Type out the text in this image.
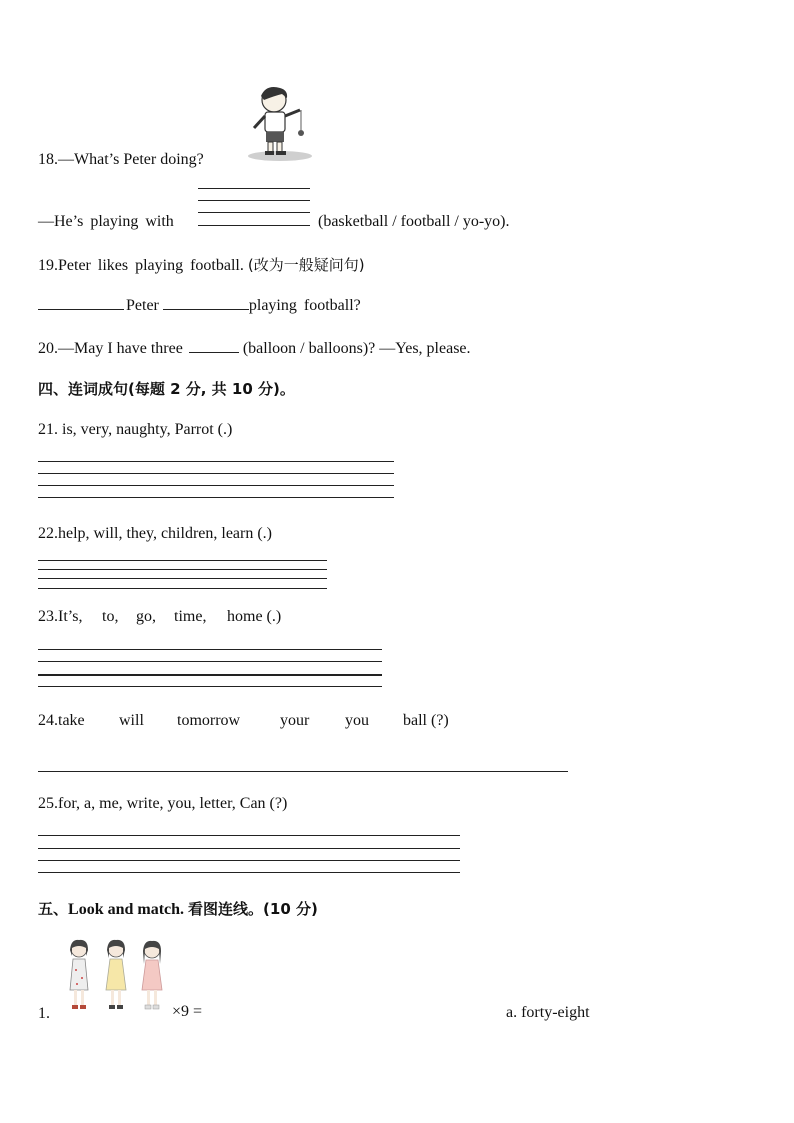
18.—What’s Peter doing?
—He’s playing with	(basketball / football / yo-yo).
19.Peter likes playing football. (改为一般疑问句)
Peter	playing football?
20.—May I have three	(balloon / balloons)? —Yes, please.
四、连词成句(每题 2 分, 共 10 分)。
21. is, very, naughty, Parrot (.)
22.help, will, they, children, learn (.)
23.It’s, to, go, time, home (.)
24.take will tomorrow your you ball (?)
25.for, a, me, write, you, letter, Can (?)
五、Look and match. 看图连线。(10 分)
1.	×9 =	a. forty-eight
